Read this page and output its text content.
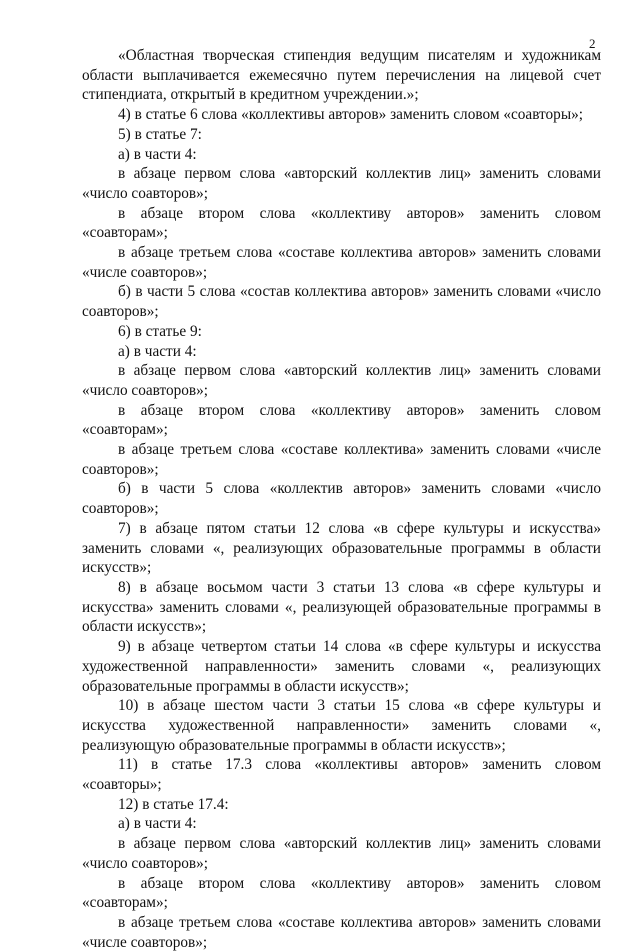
2

«Областная творческая стипендия ведущим писателям и художникам области выплачивается ежемесячно путем перечисления на лицевой счет стипендиата, открытый в кредитном учреждении.»;

4) в статье 6 слова «коллективы авторов» заменить словом «соавторы»;

5) в статье 7:

а) в части 4:

в абзаце первом слова «авторский коллектив лиц» заменить словами «число соавторов»;

в абзаце втором слова «коллективу авторов» заменить словом «соавторам»;

в абзаце третьем слова «составе коллектива авторов» заменить словами «числе соавторов»;

б) в части 5 слова «состав коллектива авторов» заменить словами «число соавторов»;

6) в статье 9:

а) в части 4:

в абзаце первом слова «авторский коллектив лиц» заменить словами «число соавторов»;

в абзаце втором слова «коллективу авторов» заменить словом «соавторам»;

в абзаце третьем слова «составе коллектива» заменить словами «числе соавторов»;

б) в части 5 слова «коллектив авторов» заменить словами «число соавторов»;

7) в абзаце пятом статьи 12 слова «в сфере культуры и искусства» заменить словами «, реализующих образовательные программы в области искусств»;

8) в абзаце восьмом части 3 статьи 13 слова «в сфере культуры и искусства» заменить словами «, реализующей образовательные программы в области искусств»;

9) в абзаце четвертом статьи 14 слова «в сфере культуры и искусства художественной направленности» заменить словами «, реализующих образовательные программы в области искусств»;

10) в абзаце шестом части 3 статьи 15 слова «в сфере культуры и искусства художественной направленности» заменить словами «, реализующую образовательные программы в области искусств»;

11) в статье 17.3 слова «коллективы авторов» заменить словом «соавторы»;

12) в статье 17.4:

а) в части 4:

в абзаце первом слова «авторский коллектив лиц» заменить словами «число соавторов»;

в абзаце втором слова «коллективу авторов» заменить словом «соавторам»;

в абзаце третьем слова «составе коллектива авторов» заменить словами «числе соавторов»;
